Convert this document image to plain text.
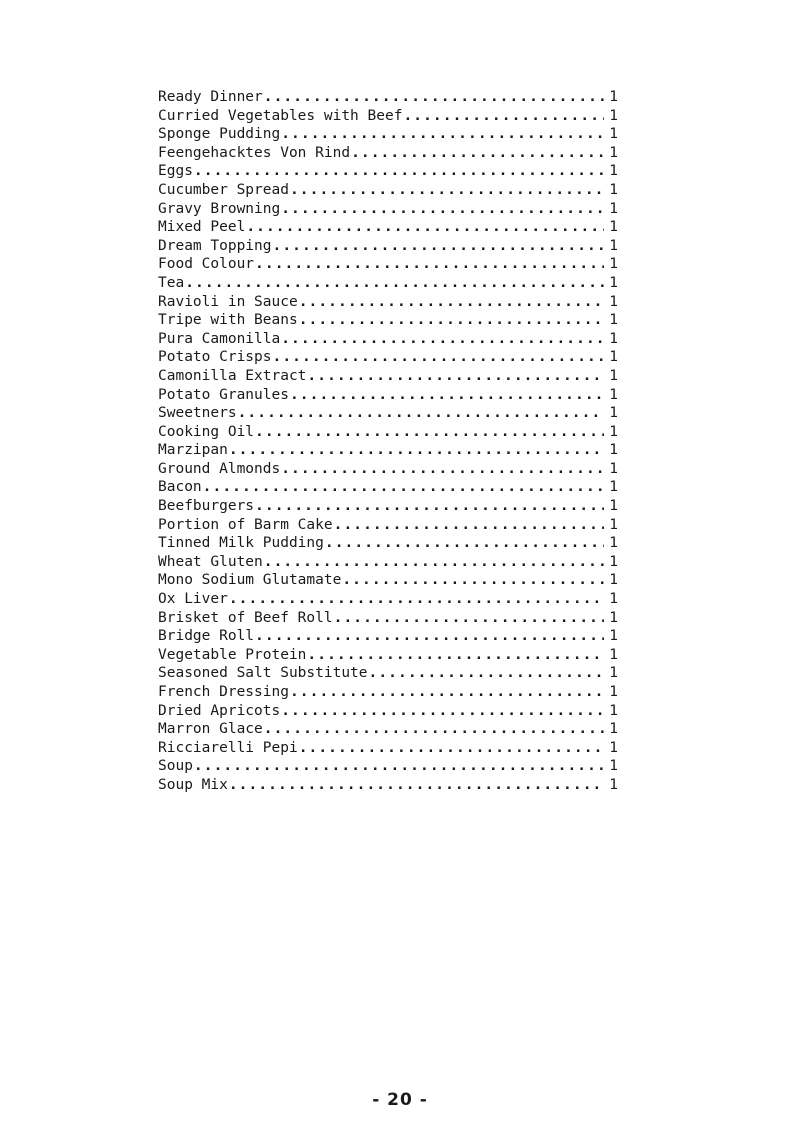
Ready Dinner .....	1
Curried Vegetables with Beef .....	1
Sponge Pudding .....	1
Feengehacktes Von Rind .....	1
Eggs .....	1
Cucumber Spread .....	1
Gravy Browning .....	1
Mixed Peel .....	1
Dream Topping .....	1
Food Colour .....	1
Tea .....	1
Ravioli in Sauce .....	1
Tripe with Beans .....	1
Pura Camonilla .....	1
Potato Crisps .....	1
Camonilla Extract .....	1
Potato Granules .....	1
Sweetners .....	1
Cooking Oil .....	1
Marzipan .....	1
Ground Almonds .....	1
Bacon .....	1
Beefburgers .....	1
Portion of Barm Cake .....	1
Tinned Milk Pudding .....	1
Wheat Gluten .....	1
Mono Sodium Glutamate .....	1
Ox Liver .....	1
Brisket of Beef Roll .....	1
Bridge Roll .....	1
Vegetable Protein .....	1
Seasoned Salt Substitute .....	1
French Dressing .....	1
Dried Apricots .....	1
Marron Glace .....	1
Ricciarelli Pepi .....	1
Soup .....	1
Soup Mix .....	1
- 20 -
